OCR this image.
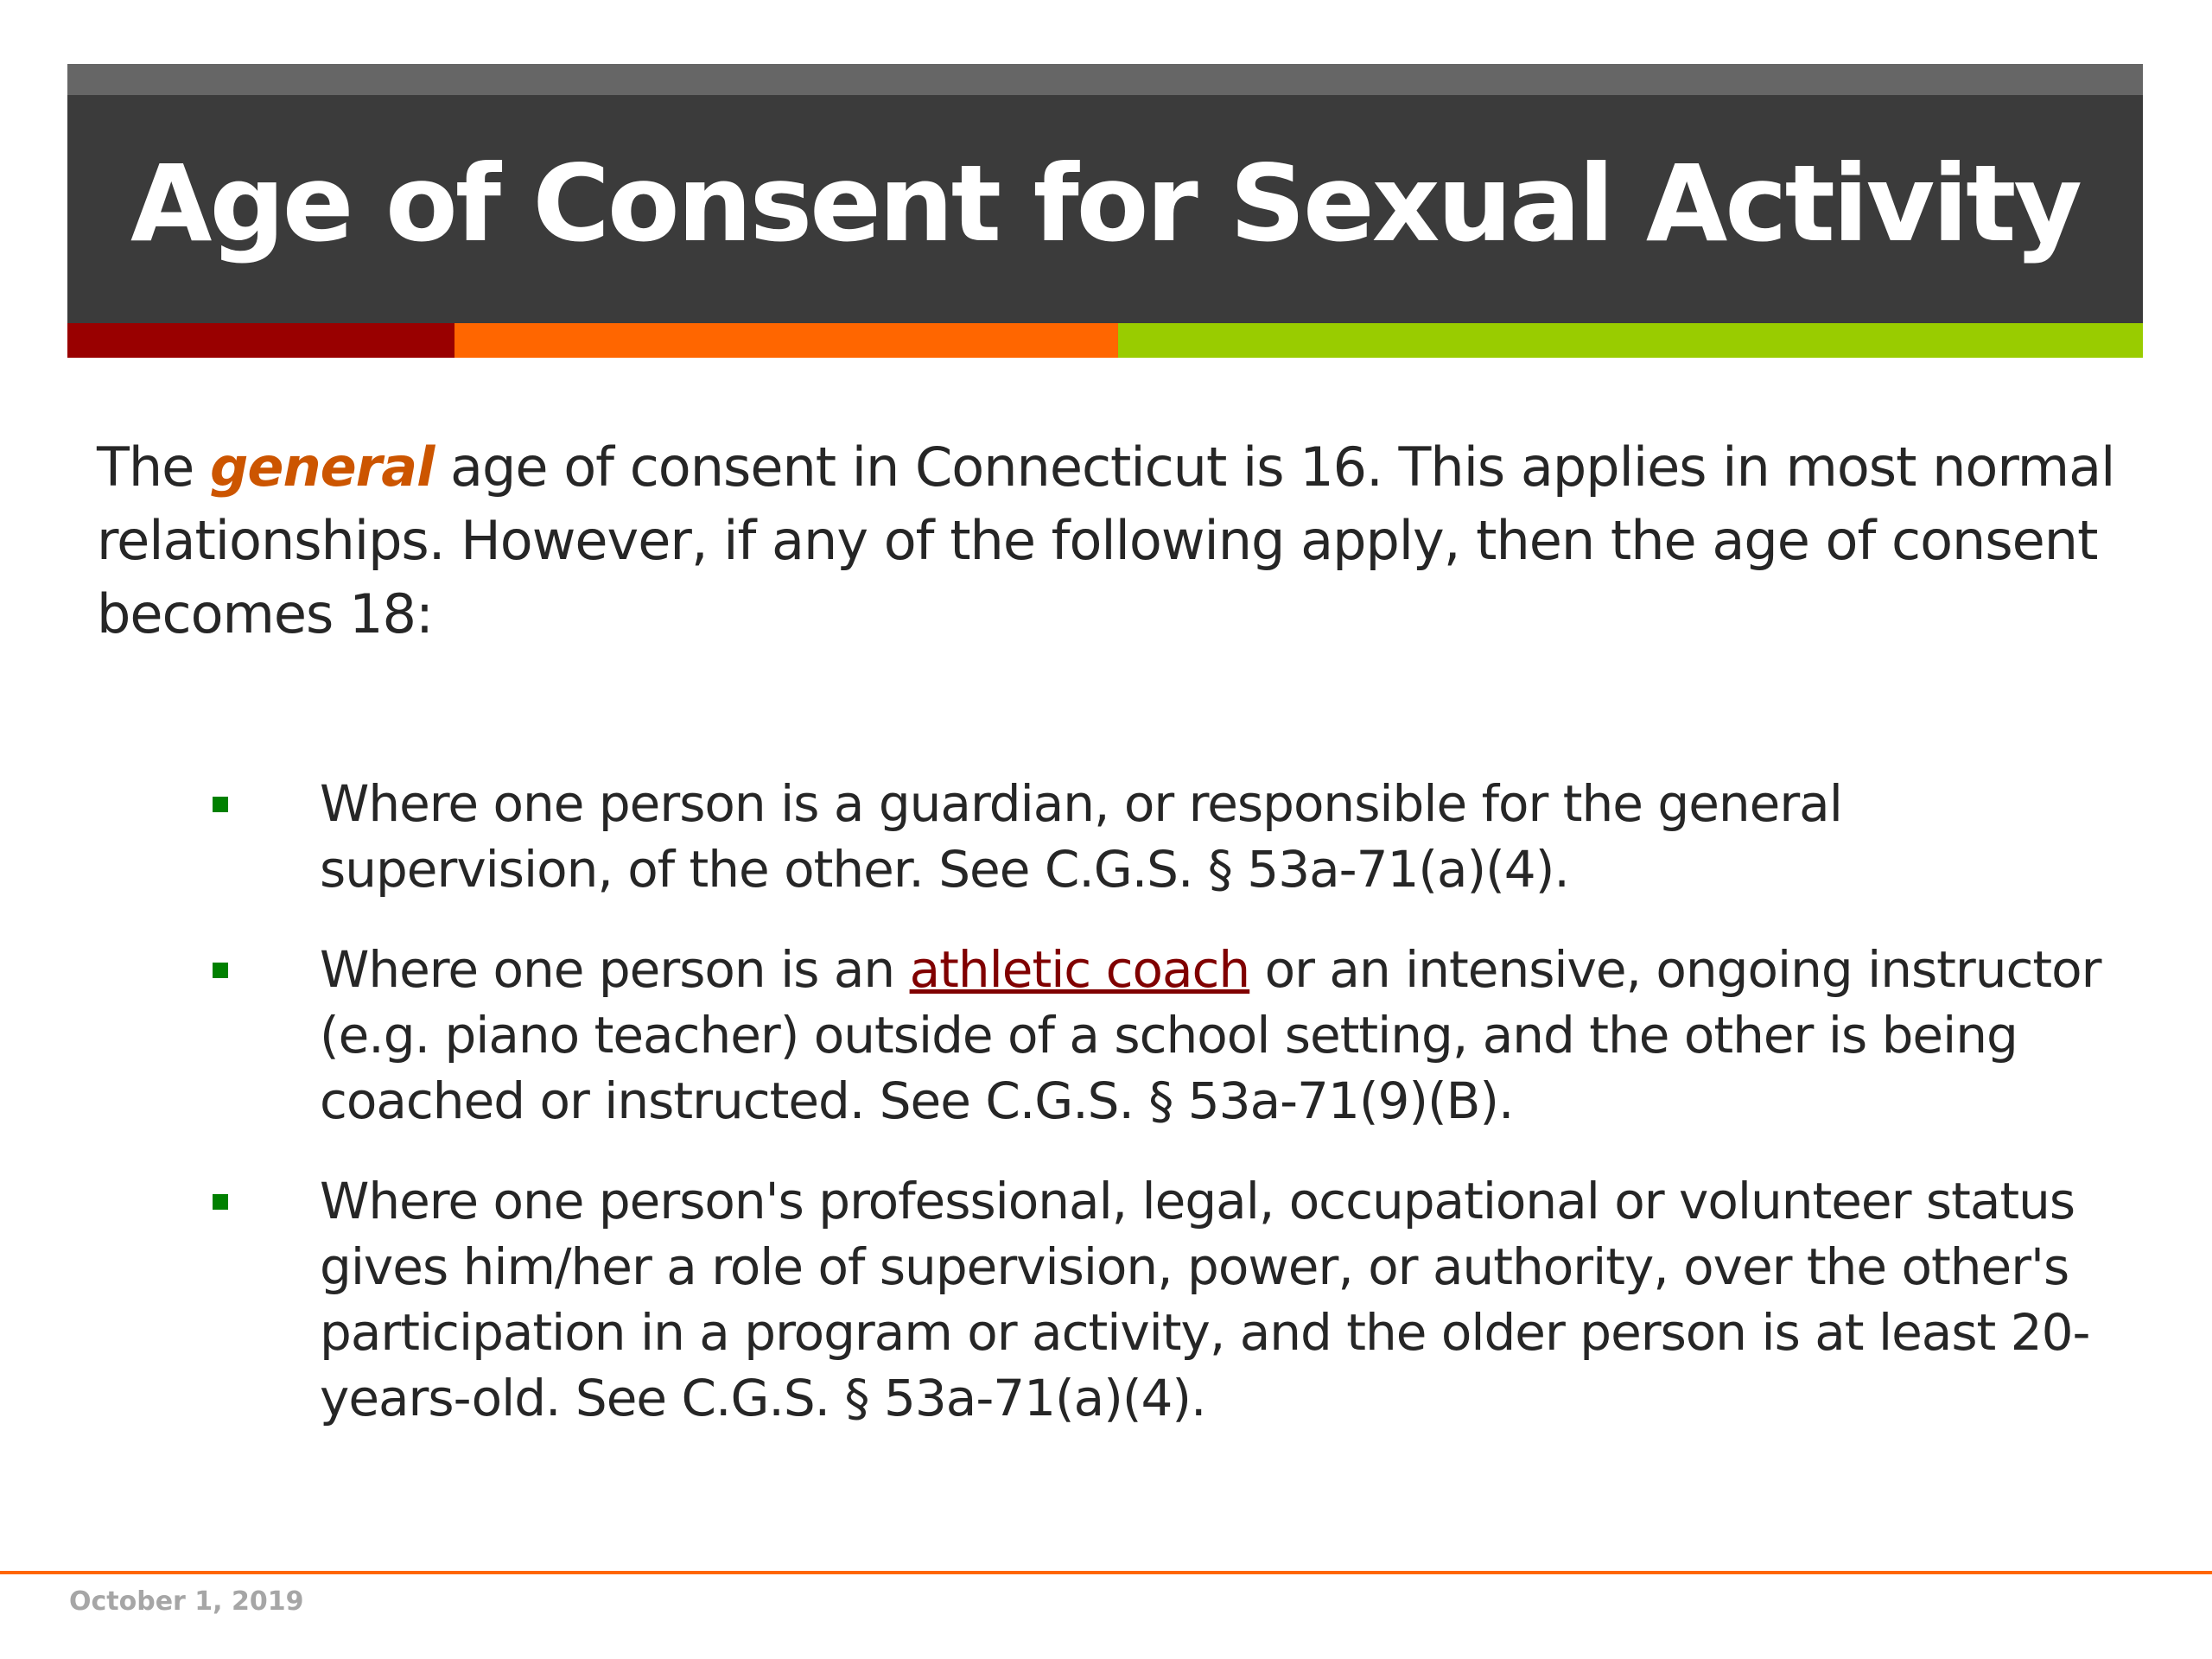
Age of Consent for Sexual Activity

The general age of consent in Connecticut is 16. This applies in most normal relationships. However, if any of the following apply, then the age of consent becomes 18:

Where one person is a guardian, or responsible for the general supervision, of the other. See C.G.S. § 53a-71(a)(4).
Where one person is an athletic coach or an intensive, ongoing instructor (e.g. piano teacher) outside of a school setting, and the other is being coached or instructed. See C.G.S. § 53a-71(9)(B).
Where one person's professional, legal, occupational or volunteer status gives him/her a role of supervision, power, or authority, over the other's participation in a program or activity, and the older person is at least 20-years-old. See C.G.S. § 53a-71(a)(4).
October 1, 2019
